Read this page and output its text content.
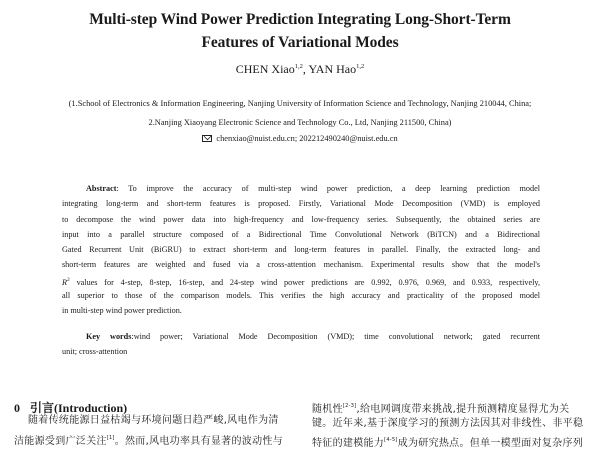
Multi-step Wind Power Prediction Integrating Long-Short-Term
Features of Variational Modes
CHEN Xiao$^{1,2}$, YAN Hao$^{1,2}$
(1.School of Electronics & Information Engineering, Nanjing University of Information Science and Technology, Nanjing 210044, China;
2.Nanjing Xiaoyang Electronic Science and Technology Co., Ltd, Nanjing 211500, China)
chenxiao@nuist.edu.cn; 202212490240@nuist.edu.cn
Abstract: To improve the accuracy of multi-step wind power prediction, a deep learning prediction model
integrating long-term and short-term features is proposed. Firstly, Variational Mode Decomposition (VMD) is employed
to decompose the wind power data into high-frequency and low-frequency series. Subsequently, the obtained series are
input into a parallel structure composed of a Bidirectional Time Convolutional Network (BiTCN) and a Bidirectional
Gated Recurrent Unit (BiGRU) to extract short-term and long-term features in parallel. Finally, the extracted long- and
short-term features are weighted and fused via a cross-attention mechanism. Experimental results show that the model's
$R^2$ values for 4-step, 8-step, 16-step, and 24-step wind power predictions are 0.992, 0.976, 0.969, and 0.933, respectively,
all superior to those of the comparison models. This verifies the high accuracy and practicality of the proposed model
in multi-step wind power prediction.
Key words:wind power; Variational Mode Decomposition (VMD); time convolutional network; gated recurrent
unit; cross-attention
0 引言(Introduction)
随着传统能源日益枯竭与环境问题日趋严峻,风电作为清
洁能源受到广泛关注[1]。然而,风电功率具有显著的波动性与
随机性[2-3],给电网调度带来挑战,提升预测精度显得尤为关
键。近年来,基于深度学习的预测方法因其对非线性、非平稳
特征的建模能力[4-5]成为研究热点。但单一模型面对复杂序列
